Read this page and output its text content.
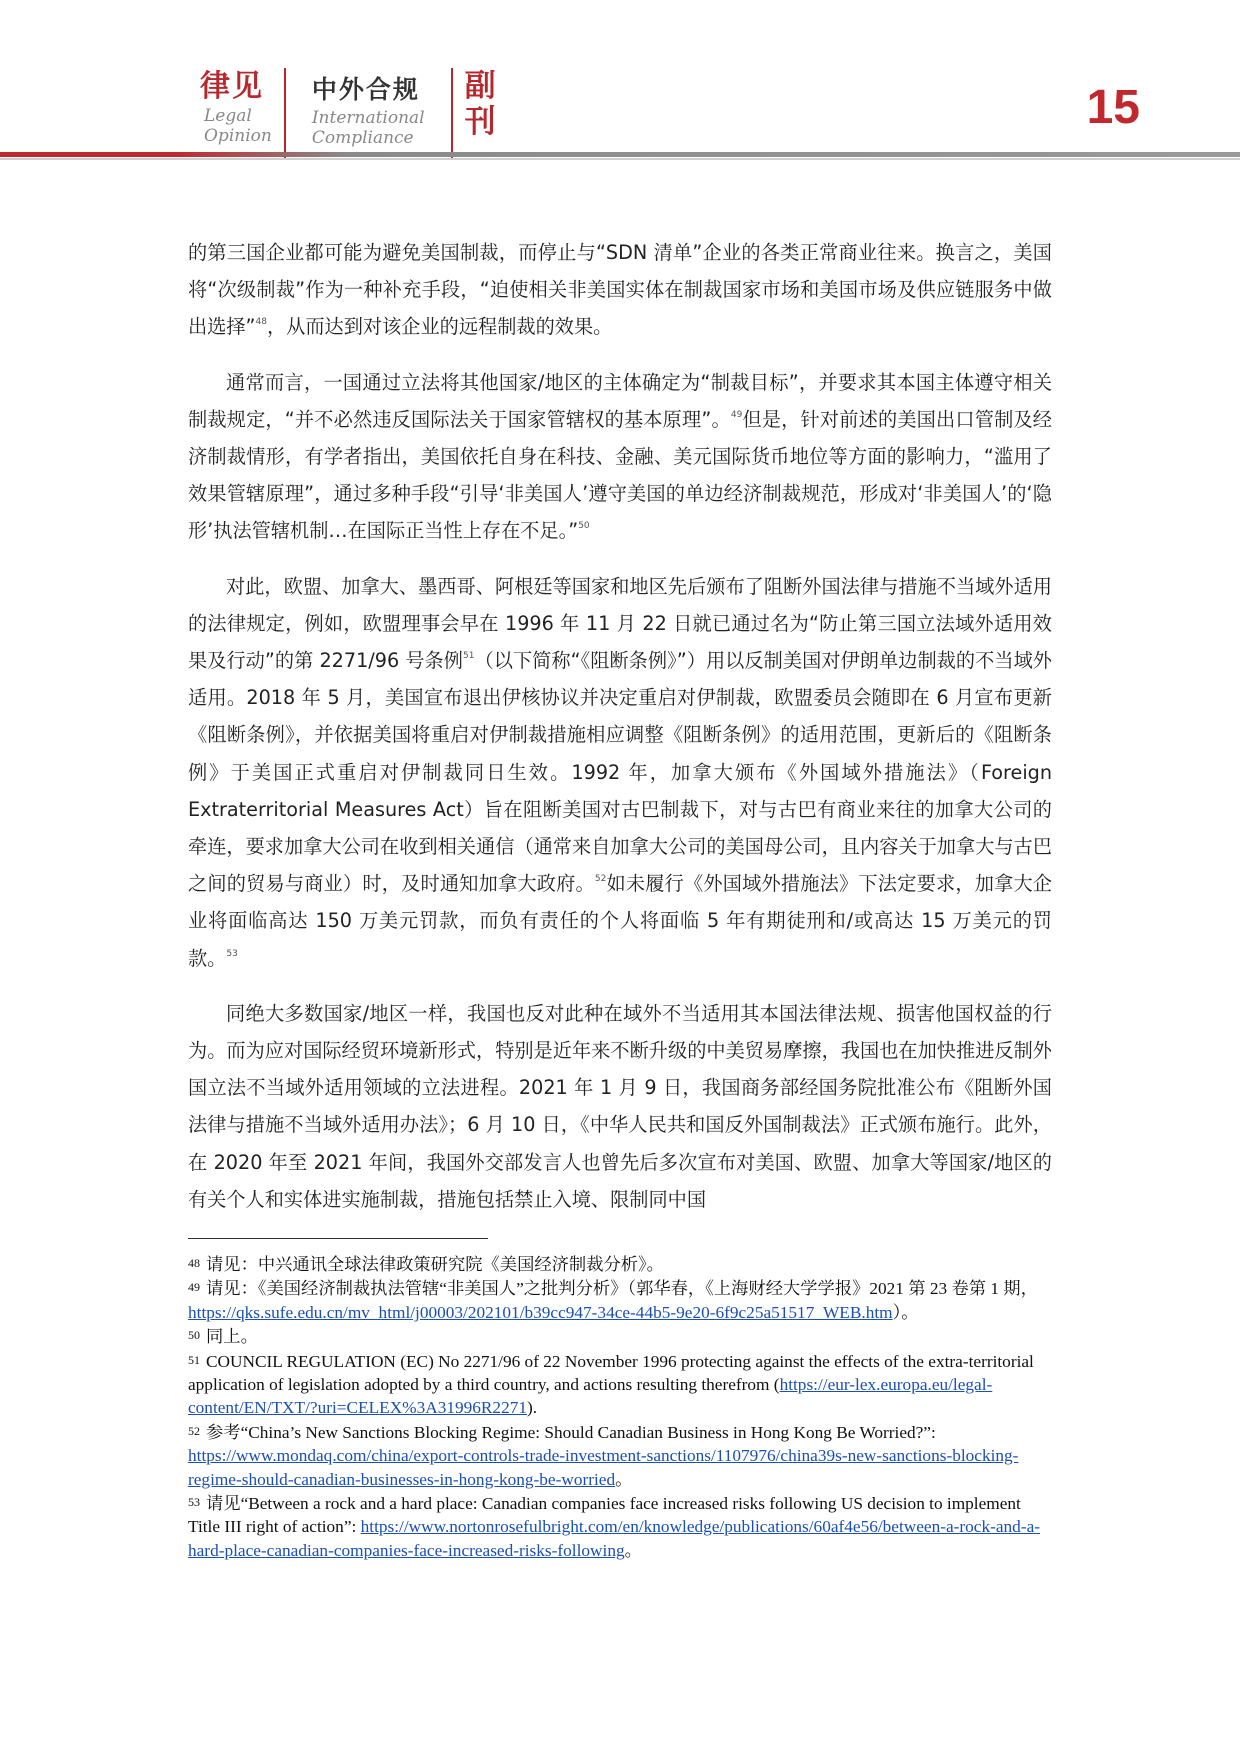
律见
Legal
Opinion
中外合规
International
Compliance
副
刊	15

的第三国企业都可能为避免美国制裁，而停止与“SDN 清单”企业的各类正常商业往来。换言之，美国将“次级制裁”作为一种补充手段，“迫使相关非美国实体在制裁国家市场和美国市场及供应链服务中做出选择”$^{48}$，从而达到对该企业的远程制裁的效果。

通常而言，一国通过立法将其他国家/地区的主体确定为“制裁目标”，并要求其本国主体遵守相关制裁规定，“并不必然违反国际法关于国家管辖权的基本原理”。$^{49}$但是，针对前述的美国出口管制及经济制裁情形，有学者指出，美国依托自身在科技、金融、美元国际货币地位等方面的影响力，“滥用了效果管辖原理”，通过多种手段“引导‘非美国人’遵守美国的单边经济制裁规范，形成对‘非美国人’的‘隐形’执法管辖机制…在国际正当性上存在不足。”$^{50}$

对此，欧盟、加拿大、墨西哥、阿根廷等国家和地区先后颁布了阻断外国法律与措施不当域外适用的法律规定，例如，欧盟理事会早在 1996 年 11 月 22 日就已通过名为“防止第三国立法域外适用效果及行动”的第 2271/96 号条例$^{51}$（以下简称“《阻断条例》”）用以反制美国对伊朗单边制裁的不当域外适用。2018 年 5 月，美国宣布退出伊核协议并决定重启对伊制裁，欧盟委员会随即在 6 月宣布更新《阻断条例》，并依据美国将重启对伊制裁措施相应调整《阻断条例》的适用范围，更新后的《阻断条例》于美国正式重启对伊制裁同日生效。1992 年，加拿大颁布《外国域外措施法》（Foreign Extraterritorial Measures Act）旨在阻断美国对古巴制裁下，对与古巴有商业来往的加拿大公司的牵连，要求加拿大公司在收到相关通信（通常来自加拿大公司的美国母公司，且内容关于加拿大与古巴之间的贸易与商业）时，及时通知加拿大政府。$^{52}$如未履行《外国域外措施法》下法定要求，加拿大企业将面临高达 150 万美元罚款，而负有责任的个人将面临 5 年有期徒刑和/或高达 15 万美元的罚款。$^{53}$

同绝大多数国家/地区一样，我国也反对此种在域外不当适用其本国法律法规、损害他国权益的行为。而为应对国际经贸环境新形式，特别是近年来不断升级的中美贸易摩擦，我国也在加快推进反制外国立法不当域外适用领域的立法进程。2021 年 1 月 9 日，我国商务部经国务院批准公布《阻断外国法律与措施不当域外适用办法》；6 月 10 日，《中华人民共和国反外国制裁法》正式颁布施行。此外，在 2020 年至 2021 年间，我国外交部发言人也曾先后多次宣布对美国、欧盟、加拿大等国家/地区的有关个人和实体进实施制裁，措施包括禁止入境、限制同中国

48 请见：中兴通讯全球法律政策研究院《美国经济制裁分析》。

49 请见：《美国经济制裁执法管辖“非美国人”之批判分析》（郭华春，《上海财经大学学报》2021 第 23 卷第 1 期，https://qks.sufe.edu.cn/mv_html/j00003/202101/b39cc947-34ce-44b5-9e20-6f9c25a51517_WEB.htm）。

50 同上。

51 COUNCIL REGULATION (EC) No 2271/96 of 22 November 1996 protecting against the effects of the extra-territorial application of legislation adopted by a third country, and actions resulting therefrom (https://eur-lex.europa.eu/legal-content/EN/TXT/?uri=CELEX%3A31996R2271).

52 参考“China’s New Sanctions Blocking Regime: Should Canadian Business in Hong Kong Be Worried?”: https://www.mondaq.com/china/export-controls-trade-investment-sanctions/1107976/china39s-new-sanctions-blocking-regime-should-canadian-businesses-in-hong-kong-be-worried。

53 请见“Between a rock and a hard place: Canadian companies face increased risks following US decision to implement Title III right of action”: https://www.nortonrosefulbright.com/en/knowledge/publications/60af4e56/between-a-rock-and-a-hard-place-canadian-companies-face-increased-risks-following。
